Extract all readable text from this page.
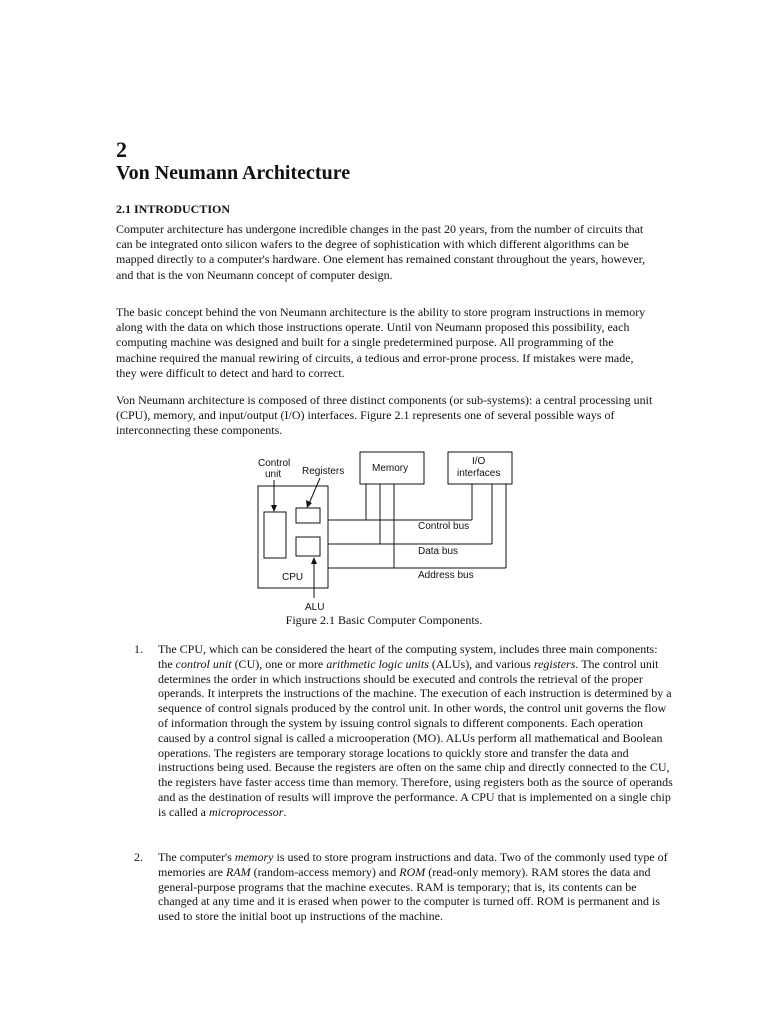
2
Von Neumann Architecture
2.1 INTRODUCTION

Computer architecture has undergone incredible changes in the past 20 years, from the number of circuits that can be integrated onto silicon wafers to the degree of sophistication with which different algorithms can be mapped directly to a computer's hardware. One element has remained constant throughout the years, however, and that is the von Neumann concept of computer design.

The basic concept behind the von Neumann architecture is the ability to store program instructions in memory along with the data on which those instructions operate. Until von Neumann proposed this possibility, each computing machine was designed and built for a single predetermined purpose. All programming of the machine required the manual rewiring of circuits, a tedious and error-prone process. If mistakes were made, they were difficult to detect and hard to correct.

Von Neumann architecture is composed of three distinct components (or sub-systems): a central processing unit (CPU), memory, and input/output (I/O) interfaces. Figure 2.1 represents one of several possible ways of interconnecting these components.

Control
unit Registers	Memory
I/O
interfaces
Control bus
Data bus
Address bus
CPU
ALU
Figure 2.1 Basic Computer Components.
1.	The CPU, which can be considered the heart of the computing system, includes three main components: the control unit (CU), one or more arithmetic logic units (ALUs), and various registers. The control unit determines the order in which instructions should be executed and controls the retrieval of the proper operands. It interprets the instructions of the machine. The execution of each instruction is determined by a sequence of control signals produced by the control unit. In other words, the control unit governs the flow of information through the system by issuing control signals to different components. Each operation caused by a control signal is called a microoperation (MO). ALUs perform all mathematical and Boolean operations. The registers are temporary storage locations to quickly store and transfer the data and instructions being used. Because the registers are often on the same chip and directly connected to the CU, the registers have faster access time than memory. Therefore, using registers both as the source of operands and as the destination of results will improve the performance. A CPU that is implemented on a single chip is called a microprocessor.
2.	The computer's memory is used to store program instructions and data. Two of the commonly used type of memories are RAM (random-access memory) and ROM (read-only memory). RAM stores the data and general-purpose programs that the machine executes. RAM is temporary; that is, its contents can be changed at any time and it is erased when power to the computer is turned off. ROM is permanent and is used to store the initial boot up instructions of the machine.
